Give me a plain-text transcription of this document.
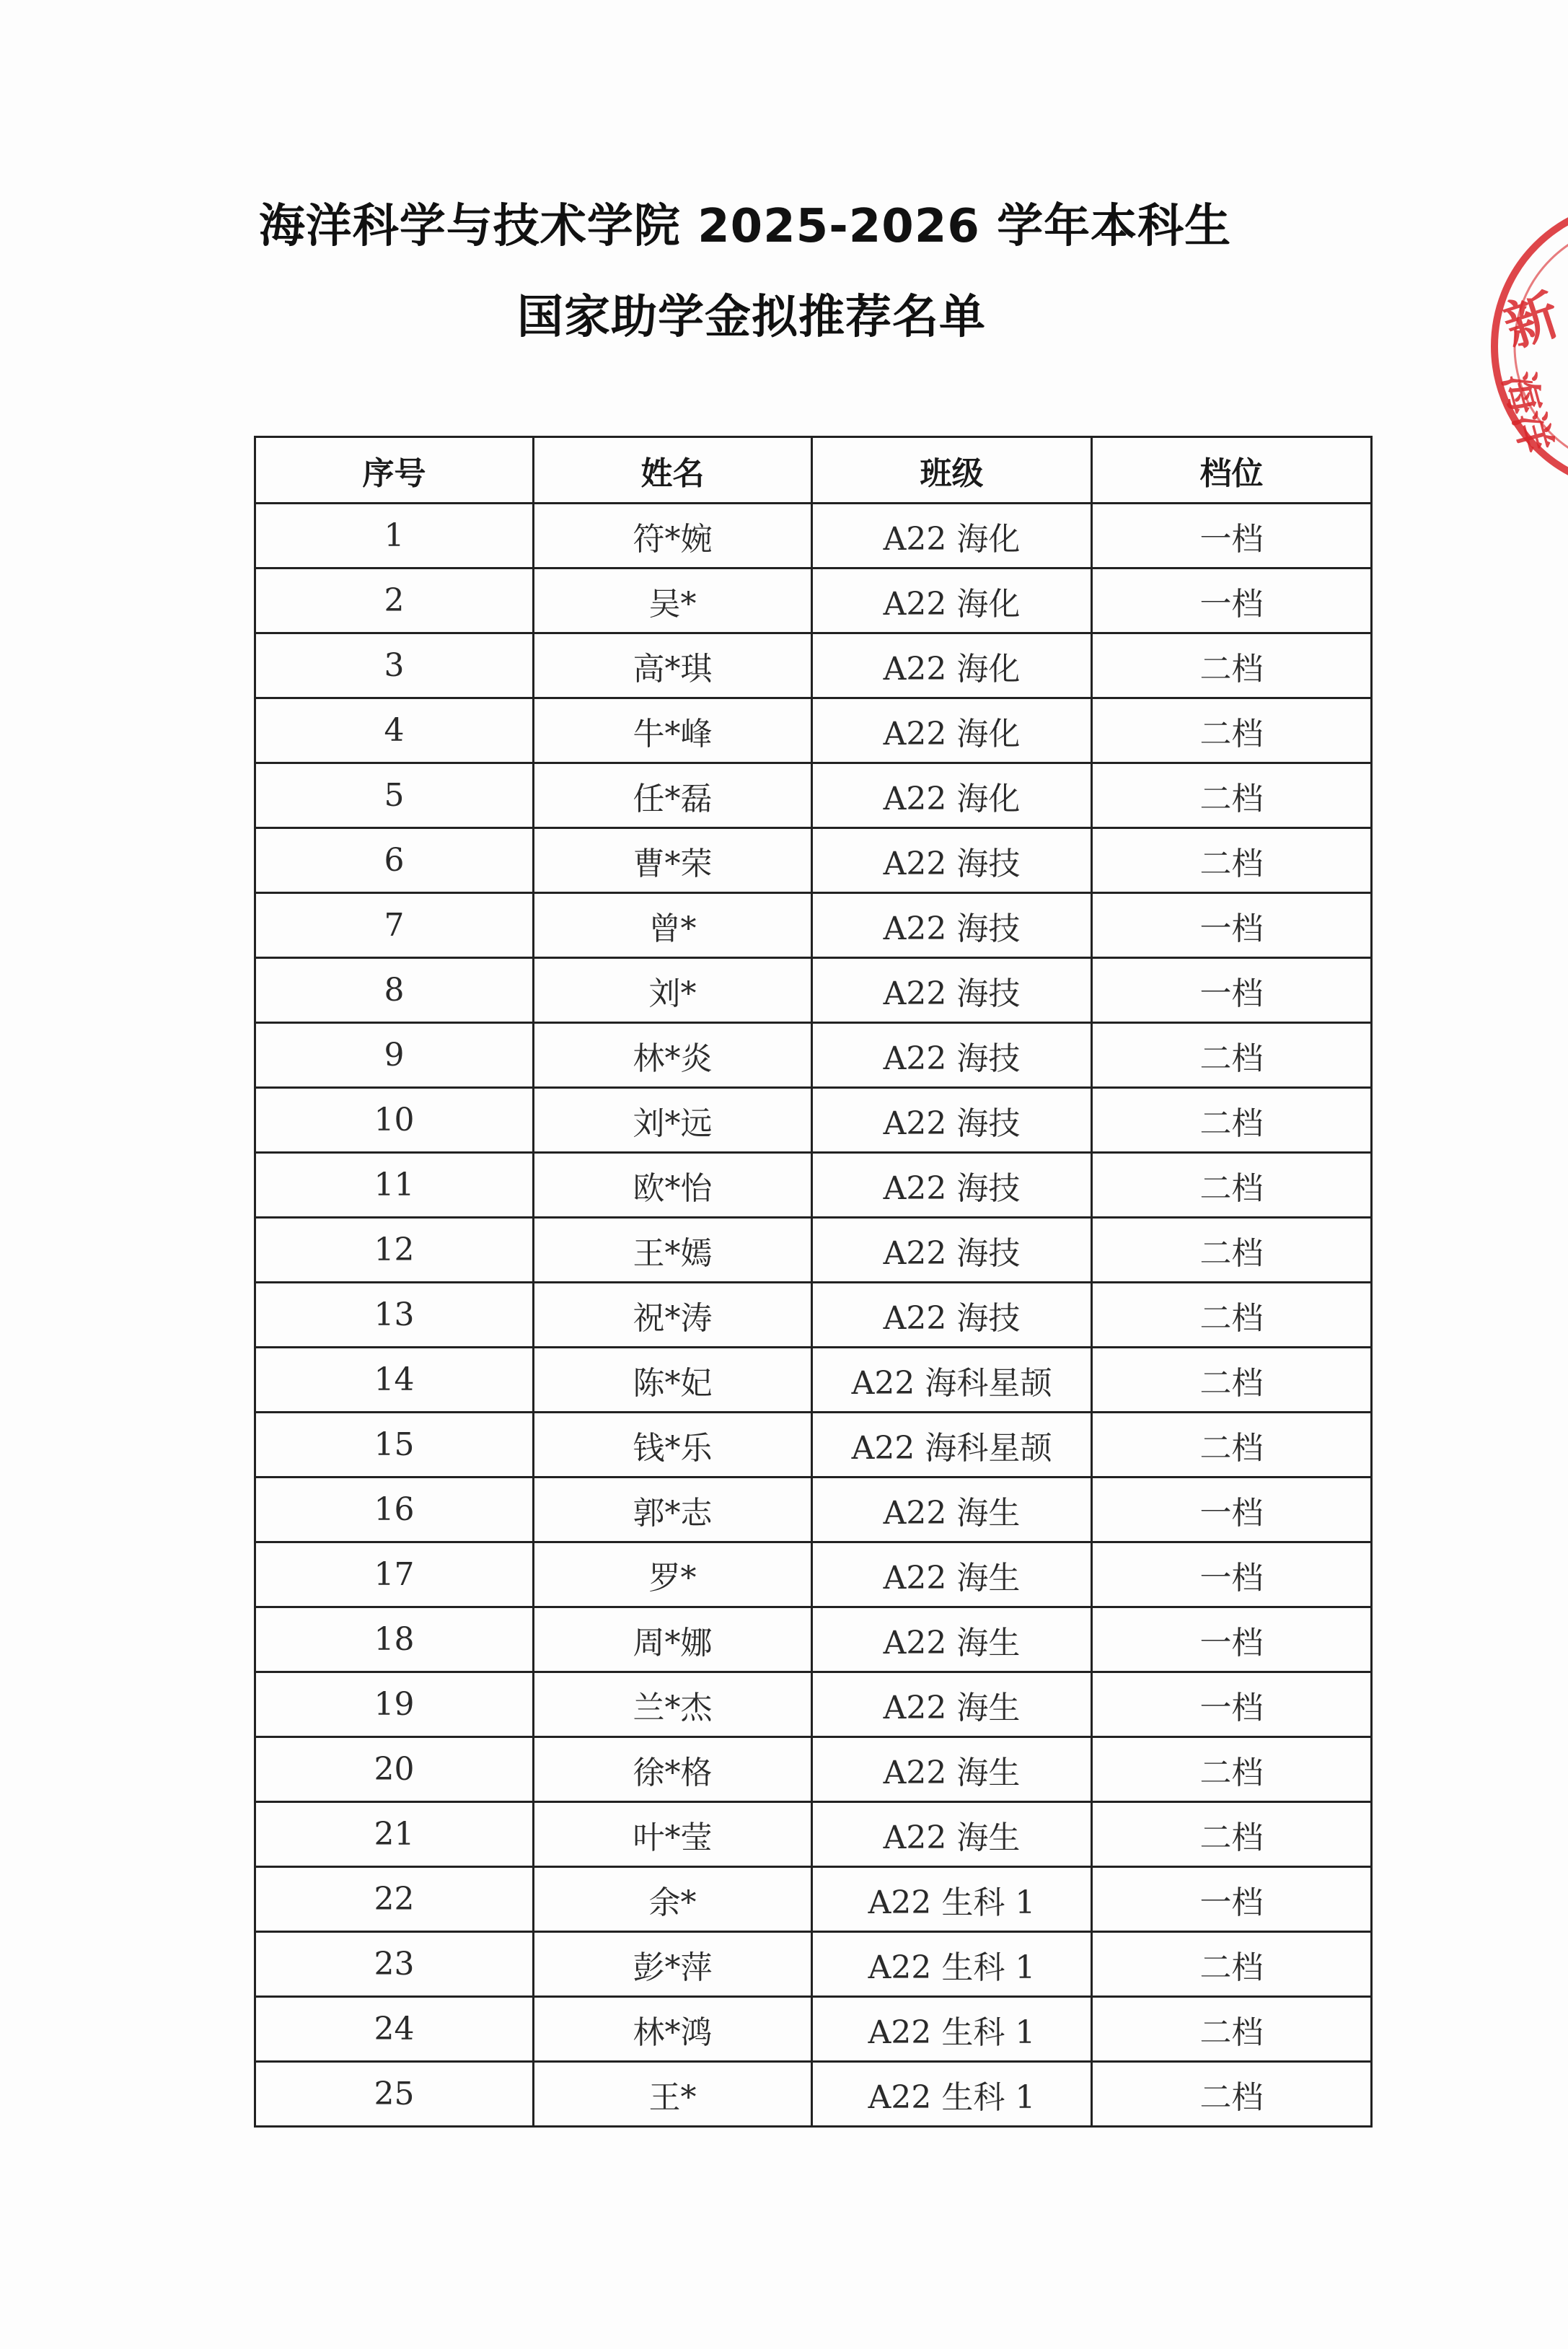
海洋科学与技术学院 2025-2026 学年本科生
国家助学金拟推荐名单
序号	姓名	班级	档位
1	符*婉	A22 海化	一档
2	吴*	A22 海化	一档
3	高*琪	A22 海化	二档
4	牛*峰	A22 海化	二档
5	任*磊	A22 海化	二档
6	曹*荣	A22 海技	二档
7	曾*	A22 海技	一档
8	刘*	A22 海技	一档
9	林*炎	A22 海技	二档
10	刘*远	A22 海技	二档
11	欧*怡	A22 海技	二档
12	王*嫣	A22 海技	二档
13	祝*涛	A22 海技	二档
14	陈*妃	A22 海科星颉	二档
15	钱*乐	A22 海科星颉	二档
16	郭*志	A22 海生	一档
17	罗*	A22 海生	一档
18	周*娜	A22 海生	一档
19	兰*杰	A22 海生	一档
20	徐*格	A22 海生	二档
21	叶*莹	A22 海生	二档
22	余*	A22 生科 1	一档
23	彭*萍	A22 生科 1	二档
24	林*鸿	A22 生科 1	二档
25	王*	A22 生科 1	二档
新
海洋
